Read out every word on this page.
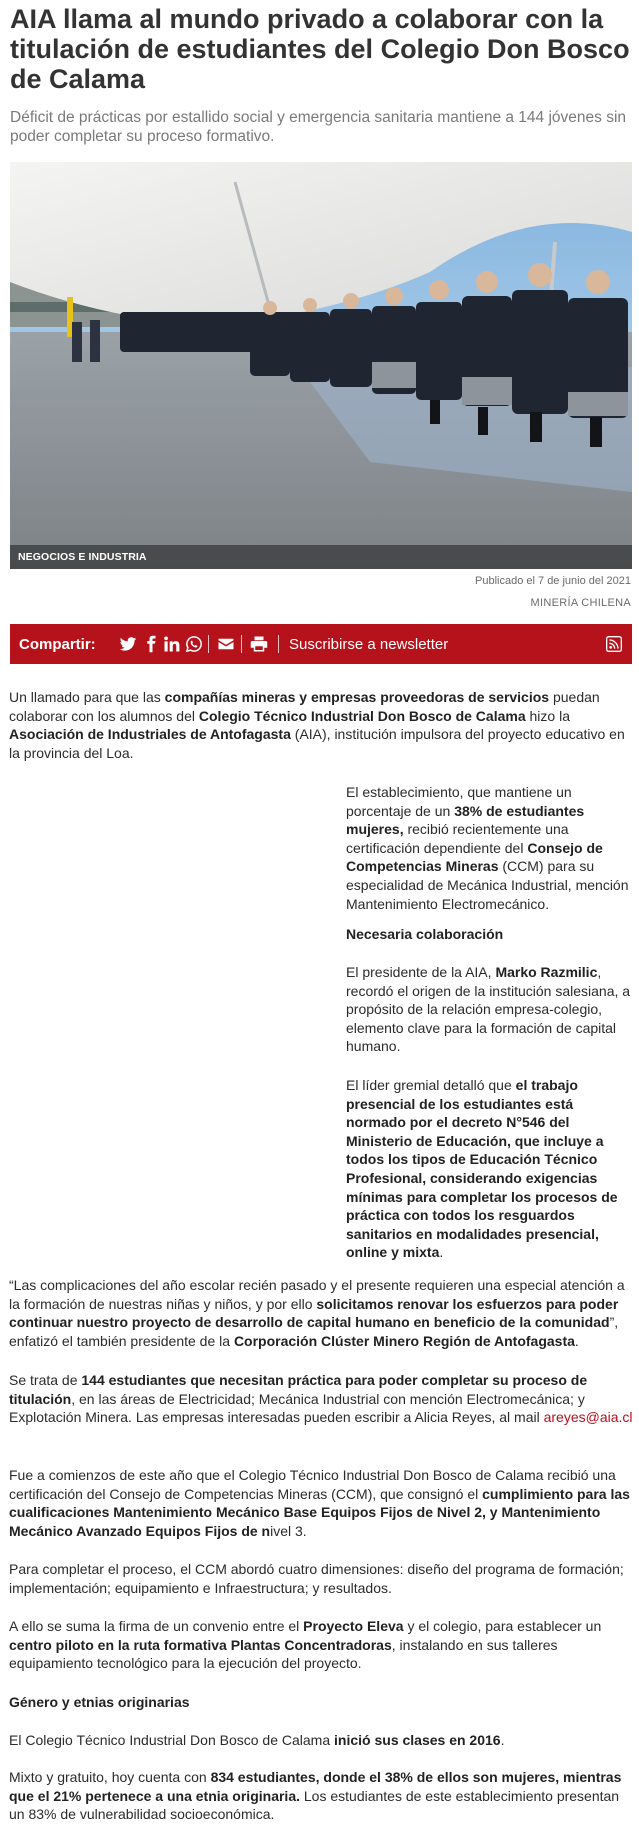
AIA llama al mundo privado a colaborar con la titulación de estudiantes del Colegio Don Bosco de Calama

Déficit de prácticas por estallido social y emergencia sanitaria mantiene a 144 jóvenes sin poder completar su proceso formativo.

NEGOCIOS E INDUSTRIA
Publicado el 7 de junio del 2021
MINERÍA CHILENA
Compartir:	Suscribirse a newsletter

Un llamado para que las compañías mineras y empresas proveedoras de servicios puedan colaborar con los alumnos del Colegio Técnico Industrial Don Bosco de Calama hizo la Asociación de Industriales de Antofagasta (AIA), institución impulsora del proyecto educativo en la provincia del Loa.

El establecimiento, que mantiene un porcentaje de un 38% de estudiantes mujeres, recibió recientemente una certificación dependiente del Consejo de Competencias Mineras (CCM) para su especialidad de Mecánica Industrial, mención Mantenimiento Electromecánico.

Necesaria colaboración

El presidente de la AIA, Marko Razmilic, recordó el origen de la institución salesiana, a propósito de la relación empresa-colegio, elemento clave para la formación de capital humano.

El líder gremial detalló que el trabajo presencial de los estudiantes está normado por el decreto N°546 del Ministerio de Educación, que incluye a todos los tipos de Educación Técnico Profesional, considerando exigencias mínimas para completar los procesos de práctica con todos los resguardos sanitarios en modalidades presencial, online y mixta.

“Las complicaciones del año escolar recién pasado y el presente requieren una especial atención a la formación de nuestras niñas y niños, y por ello solicitamos renovar los esfuerzos para poder continuar nuestro proyecto de desarrollo de capital humano en beneficio de la comunidad”, enfatizó el también presidente de la Corporación Clúster Minero Región de Antofagasta.

Se trata de 144 estudiantes que necesitan práctica para poder completar su proceso de titulación, en las áreas de Electricidad; Mecánica Industrial con mención Electromecánica; y Explotación Minera. Las empresas interesadas pueden escribir a Alicia Reyes, al mail areyes@aia.cl

Fue a comienzos de este año que el Colegio Técnico Industrial Don Bosco de Calama recibió una certificación del Consejo de Competencias Mineras (CCM), que consignó el cumplimiento para las cualificaciones Mantenimiento Mecánico Base Equipos Fijos de Nivel 2, y Mantenimiento Mecánico Avanzado Equipos Fijos de nivel 3.

Para completar el proceso, el CCM abordó cuatro dimensiones: diseño del programa de formación; implementación; equipamiento e Infraestructura; y resultados.

A ello se suma la firma de un convenio entre el Proyecto Eleva y el colegio, para establecer un centro piloto en la ruta formativa Plantas Concentradoras, instalando en sus talleres equipamiento tecnológico para la ejecución del proyecto.

Género y etnias originarias

El Colegio Técnico Industrial Don Bosco de Calama inició sus clases en 2016.

Mixto y gratuito, hoy cuenta con 834 estudiantes, donde el 38% de ellos son mujeres, mientras que el 21% pertenece a una etnia originaria. Los estudiantes de este establecimiento presentan un 83% de vulnerabilidad socioeconómica.
